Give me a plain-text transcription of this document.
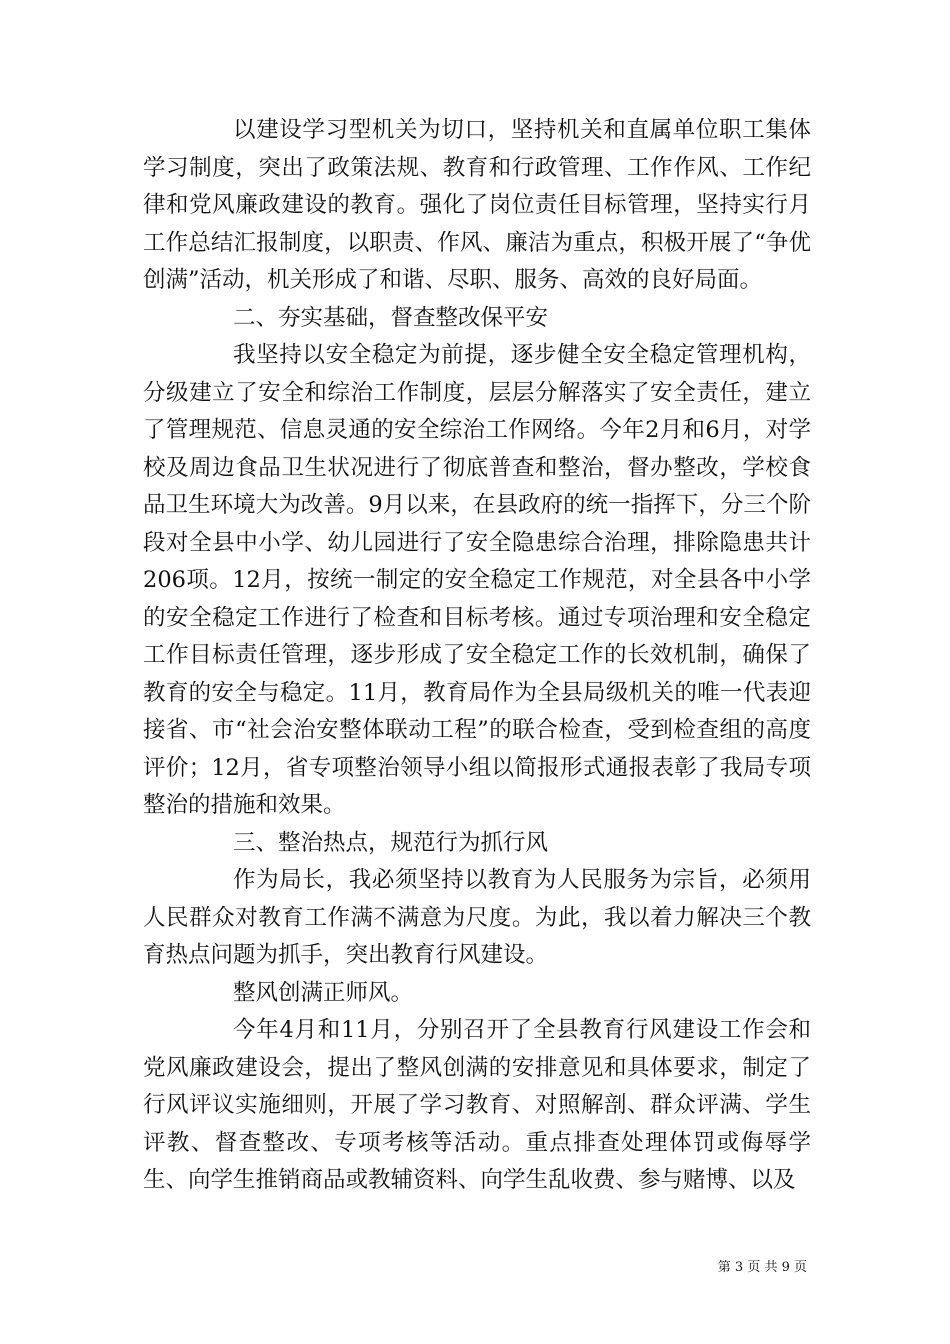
以建设学习型机关为切口，坚持机关和直属单位职工集体学习制度，突出了政策法规、教育和行政管理、工作作风、工作纪律和党风廉政建设的教育。强化了岗位责任目标管理，坚持实行月工作总结汇报制度，以职责、作风、廉洁为重点，积极开展了“争优创满”活动，机关形成了和谐、尽职、服务、高效的良好局面。

二、夯实基础，督查整改保平安

我坚持以安全稳定为前提，逐步健全安全稳定管理机构，分级建立了安全和综治工作制度，层层分解落实了安全责任，建立了管理规范、信息灵通的安全综治工作网络。今年2月和6月，对学校及周边食品卫生状况进行了彻底普查和整治，督办整改，学校食品卫生环境大为改善。9月以来，在县政府的统一指挥下，分三个阶段对全县中小学、幼儿园进行了安全隐患综合治理，排除隐患共计206项。12月，按统一制定的安全稳定工作规范，对全县各中小学的安全稳定工作进行了检查和目标考核。通过专项治理和安全稳定工作目标责任管理，逐步形成了安全稳定工作的长效机制，确保了教育的安全与稳定。11月，教育局作为全县局级机关的唯一代表迎接省、市“社会治安整体联动工程”的联合检查，受到检查组的高度评价；12月，省专项整治领导小组以简报形式通报表彰了我局专项整治的措施和效果。

三、整治热点，规范行为抓行风

作为局长，我必须坚持以教育为人民服务为宗旨，必须用人民群众对教育工作满不满意为尺度。为此，我以着力解决三个教育热点问题为抓手，突出教育行风建设。

整风创满正师风。

今年4月和11月，分别召开了全县教育行风建设工作会和党风廉政建设会，提出了整风创满的安排意见和具体要求，制定了行风评议实施细则，开展了学习教育、对照解剖、群众评满、学生评教、督查整改、专项考核等活动。重点排查处理体罚或侮辱学生、向学生推销商品或教辅资料、向学生乱收费、参与赌博、以及

第 3 页 共 9 页
